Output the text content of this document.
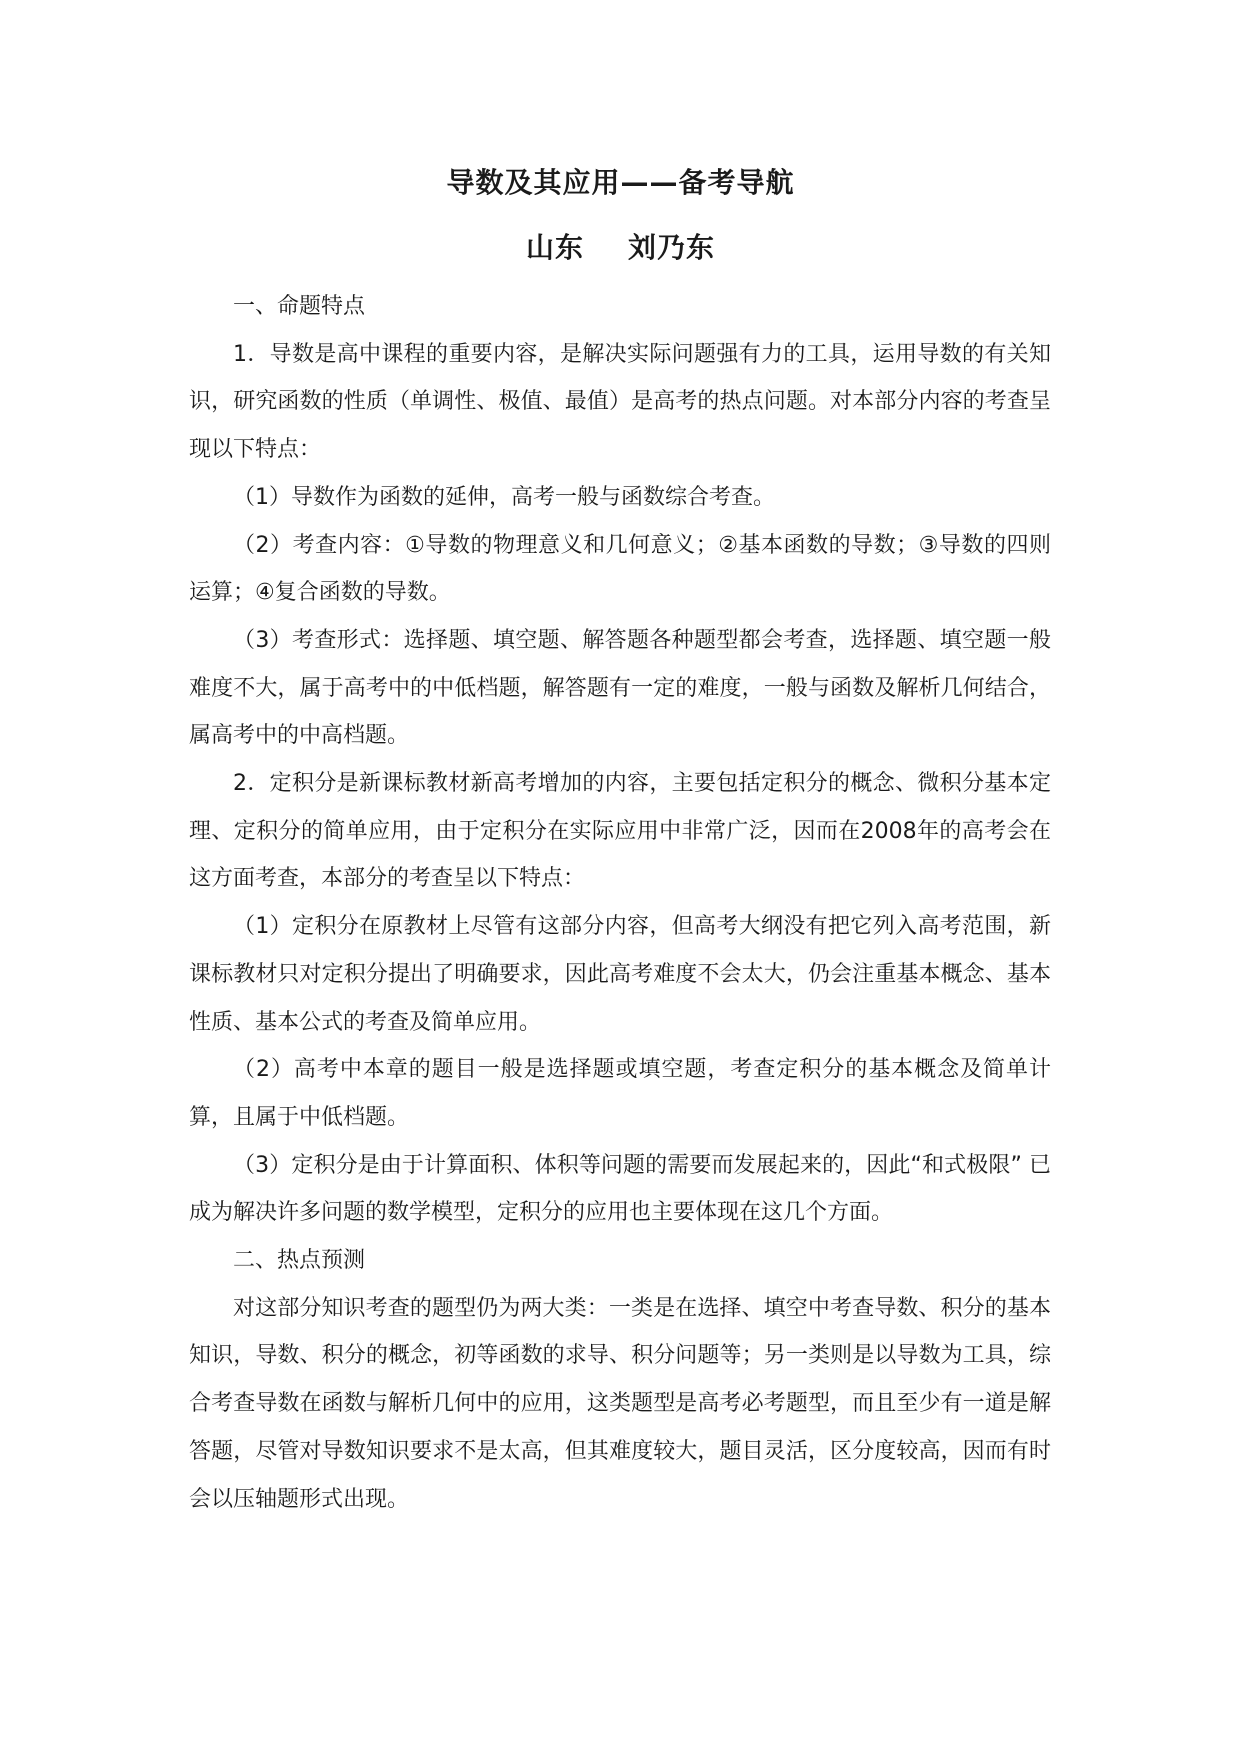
导数及其应用——备考导航
山东 刘乃东

一、命题特点

1．导数是高中课程的重要内容，是解决实际问题强有力的工具，运用导数的有关知识，研究函数的性质（单调性、极值、最值）是高考的热点问题。对本部分内容的考查呈现以下特点：

（1）导数作为函数的延伸，高考一般与函数综合考查。

（2）考查内容：①导数的物理意义和几何意义；②基本函数的导数；③导数的四则运算；④复合函数的导数。

（3）考查形式：选择题、填空题、解答题各种题型都会考查，选择题、填空题一般难度不大，属于高考中的中低档题，解答题有一定的难度，一般与函数及解析几何结合，属高考中的中高档题。

2．定积分是新课标教材新高考增加的内容，主要包括定积分的概念、微积分基本定理、定积分的简单应用，由于定积分在实际应用中非常广泛，因而在2008年的高考会在这方面考查，本部分的考查呈以下特点：

（1）定积分在原教材上尽管有这部分内容，但高考大纲没有把它列入高考范围，新课标教材只对定积分提出了明确要求，因此高考难度不会太大，仍会注重基本概念、基本性质、基本公式的考查及简单应用。

（2）高考中本章的题目一般是选择题或填空题，考查定积分的基本概念及简单计算，且属于中低档题。

（3）定积分是由于计算面积、体积等问题的需要而发展起来的，因此“和式极限” 已成为解决许多问题的数学模型，定积分的应用也主要体现在这几个方面。

二、热点预测

对这部分知识考查的题型仍为两大类：一类是在选择、填空中考查导数、积分的基本知识，导数、积分的概念，初等函数的求导、积分问题等；另一类则是以导数为工具，综合考查导数在函数与解析几何中的应用，这类题型是高考必考题型，而且至少有一道是解答题，尽管对导数知识要求不是太高，但其难度较大，题目灵活，区分度较高，因而有时会以压轴题形式出现。
